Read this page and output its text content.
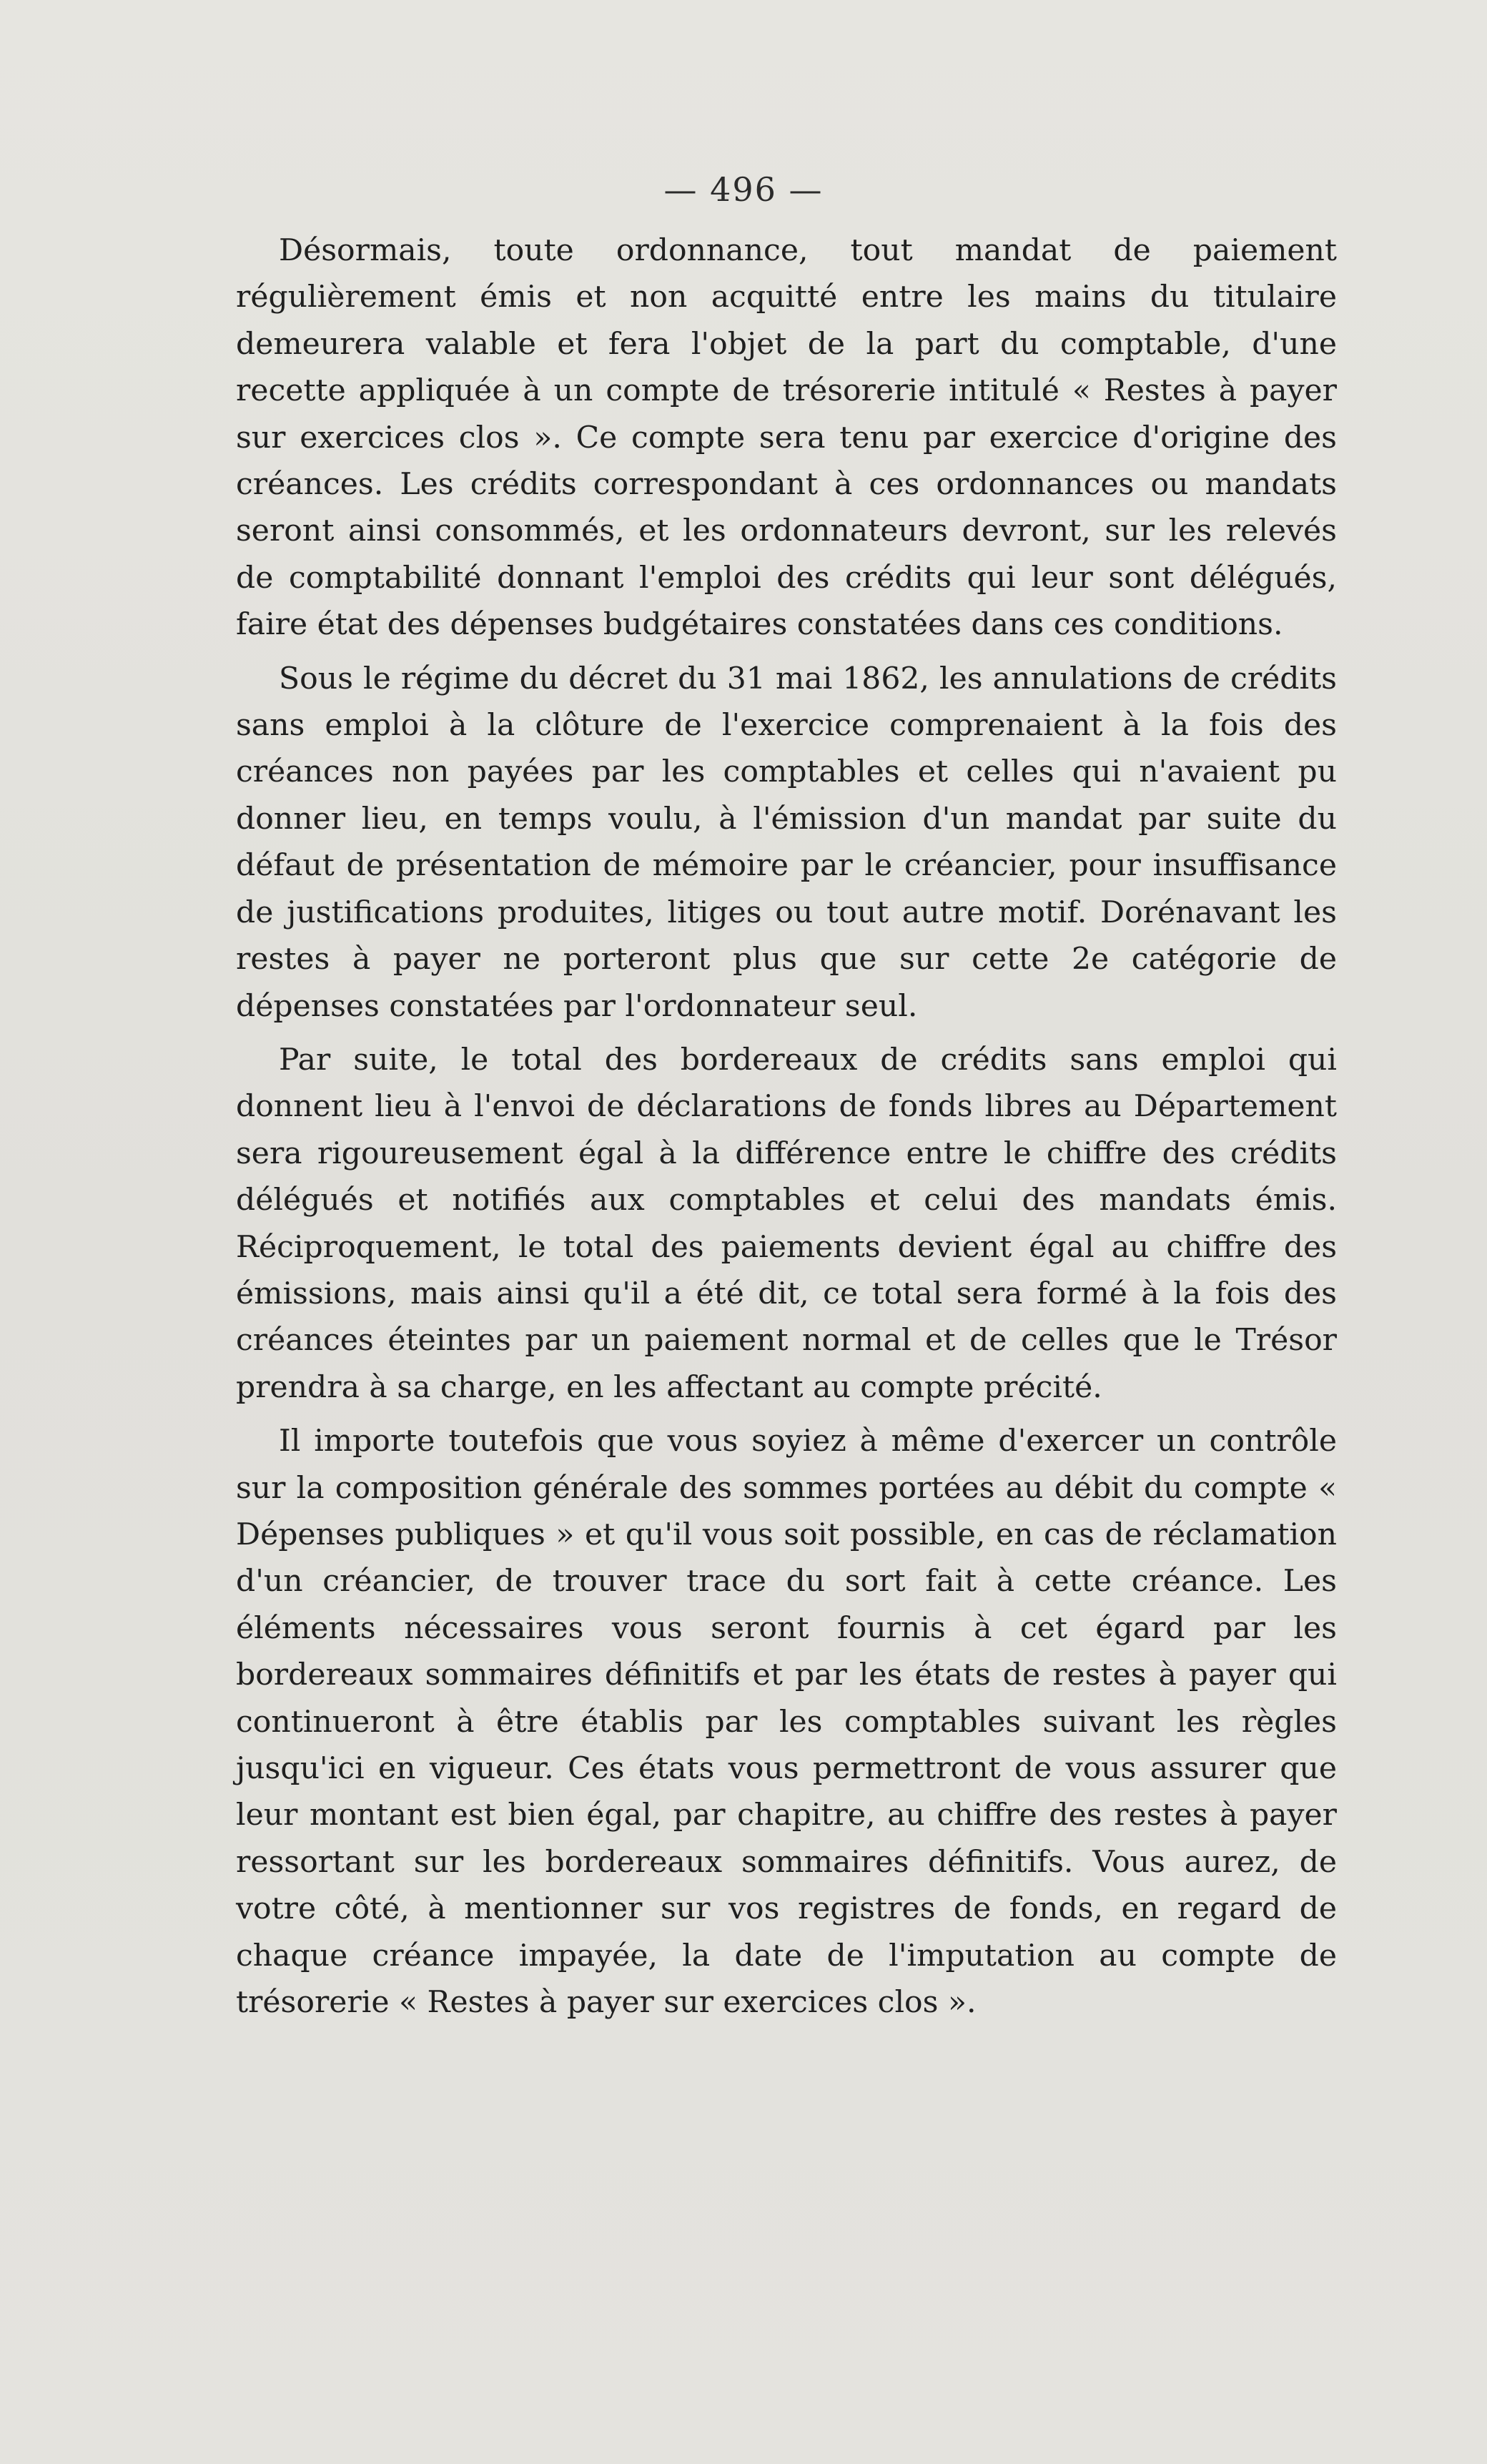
— 496 —

Désormais, toute ordonnance, tout mandat de paiement régulièrement émis et non acquitté entre les mains du titulaire demeurera valable et fera l'objet de la part du comptable, d'une recette appliquée à un compte de trésorerie intitulé « Restes à payer sur exercices clos ». Ce compte sera tenu par exercice d'origine des créances. Les crédits correspondant à ces ordonnances ou mandats seront ainsi consommés, et les ordonnateurs devront, sur les relevés de comptabilité donnant l'emploi des crédits qui leur sont délégués, faire état des dépenses budgétaires constatées dans ces conditions.

Sous le régime du décret du 31 mai 1862, les annulations de crédits sans emploi à la clôture de l'exercice comprenaient à la fois des créances non payées par les comptables et celles qui n'avaient pu donner lieu, en temps voulu, à l'émission d'un mandat par suite du défaut de présentation de mémoire par le créancier, pour insuffisance de justifications produites, litiges ou tout autre motif. Dorénavant les restes à payer ne porteront plus que sur cette 2e catégorie de dépenses constatées par l'ordonnateur seul.

Par suite, le total des bordereaux de crédits sans emploi qui donnent lieu à l'envoi de déclarations de fonds libres au Département sera rigoureusement égal à la différence entre le chiffre des crédits délégués et notifiés aux comptables et celui des mandats émis. Réciproquement, le total des paiements devient égal au chiffre des émissions, mais ainsi qu'il a été dit, ce total sera formé à la fois des créances éteintes par un paiement normal et de celles que le Trésor prendra à sa charge, en les affectant au compte précité.

Il importe toutefois que vous soyiez à même d'exercer un contrôle sur la composition générale des sommes portées au débit du compte « Dépenses publiques » et qu'il vous soit possible, en cas de réclamation d'un créancier, de trouver trace du sort fait à cette créance. Les éléments nécessaires vous seront fournis à cet égard par les bordereaux sommaires définitifs et par les états de restes à payer qui continueront à être établis par les comptables suivant les règles jusqu'ici en vigueur. Ces états vous permettront de vous assurer que leur montant est bien égal, par chapitre, au chiffre des restes à payer ressortant sur les bordereaux sommaires définitifs. Vous aurez, de votre côté, à mentionner sur vos registres de fonds, en regard de chaque créance impayée, la date de l'imputation au compte de trésorerie « Restes à payer sur exercices clos ».
